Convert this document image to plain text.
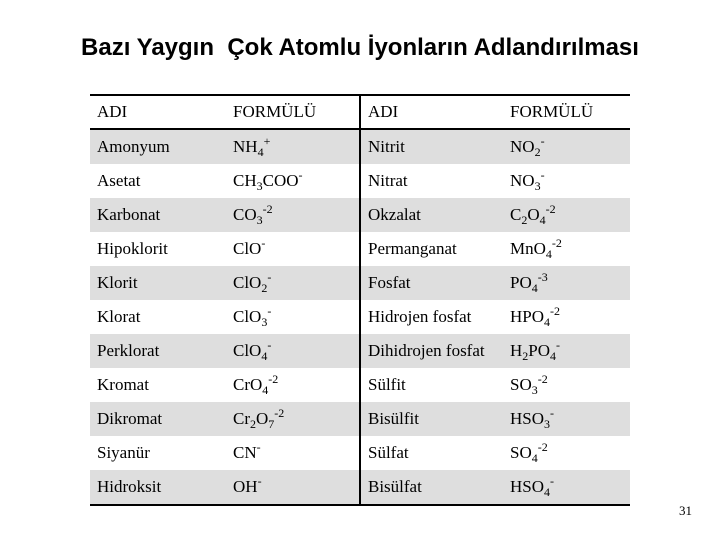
Bazı Yaygın  Çok Atomlu İyonların Adlandırılması
ADI	FORMÜLÜ	ADI	FORMÜLÜ
Amonyum	$NH_4^+$	Nitrit	$NO_2^-$
Asetat	$CH_3COO^-$	Nitrat	$NO_3^-$
Karbonat	$CO_3^{-2}$	Okzalat	$C_2O_4^{-2}$
Hipoklorit	ClO-	Permanganat	MnO$_4^{-2}$
Klorit	ClO$_2$-	Fosfat	$PO_4^{-3}$
Klorat	ClO$_3$-	Hidrojen fosfat	$HPO_4^{-2}$
Perklorat	ClO$_4$-	Dihidrojen fosfat	$H_2PO_4^-$
Kromat	CrO$_4^{-2}$	Sülfit	$SO_3^{-2}$
Dikromat	$Cr_2O_7^{-2}$	Bisülfit	$HSO_3^-$
Siyanür	CN-	Sülfat	$SO_4^{-2}$
Hidroksit	OH-	Bisülfat	$HSO_4^-$
31
